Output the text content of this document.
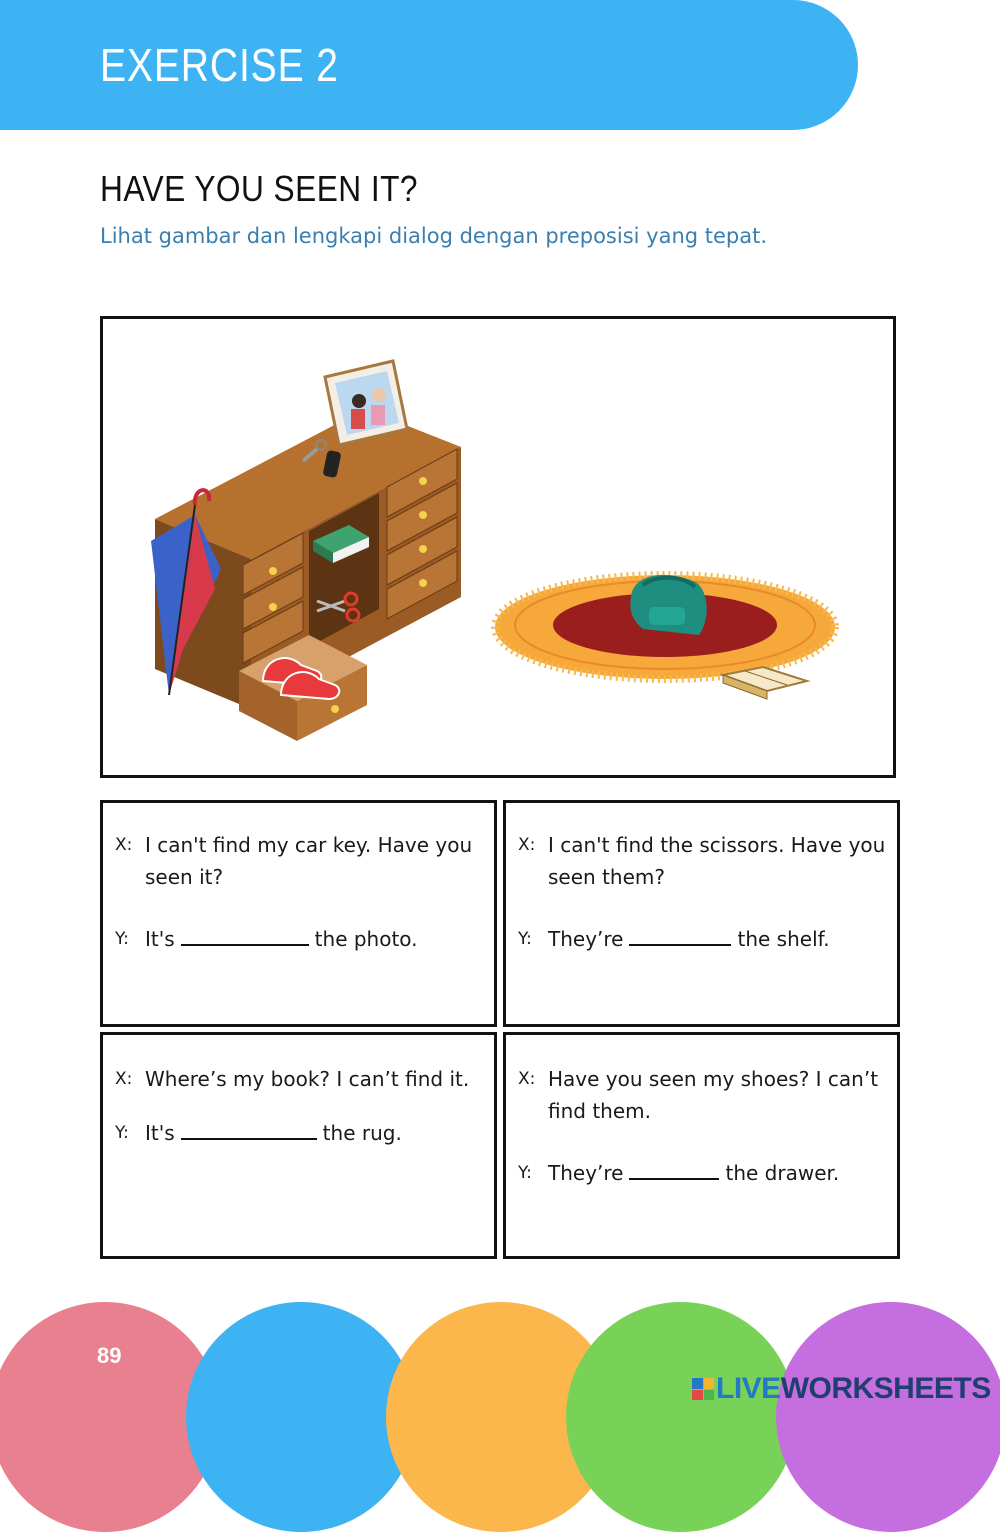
EXERCISE 2
HAVE YOU SEEN IT?
Lihat gambar dan lengkapi dialog dengan preposisi yang tepat.
X: I can't find my car key. Have you seen it?
Y: It's	the photo.
X: I can't find the scissors. Have you seen them?
Y: They’re	the shelf.
X: Where’s my book? I can’t find it.
Y: It's	the rug.
X: Have you seen my shoes? I can’t find them.
Y: They’re	the drawer.
89
LIVE WORKSHEETS
